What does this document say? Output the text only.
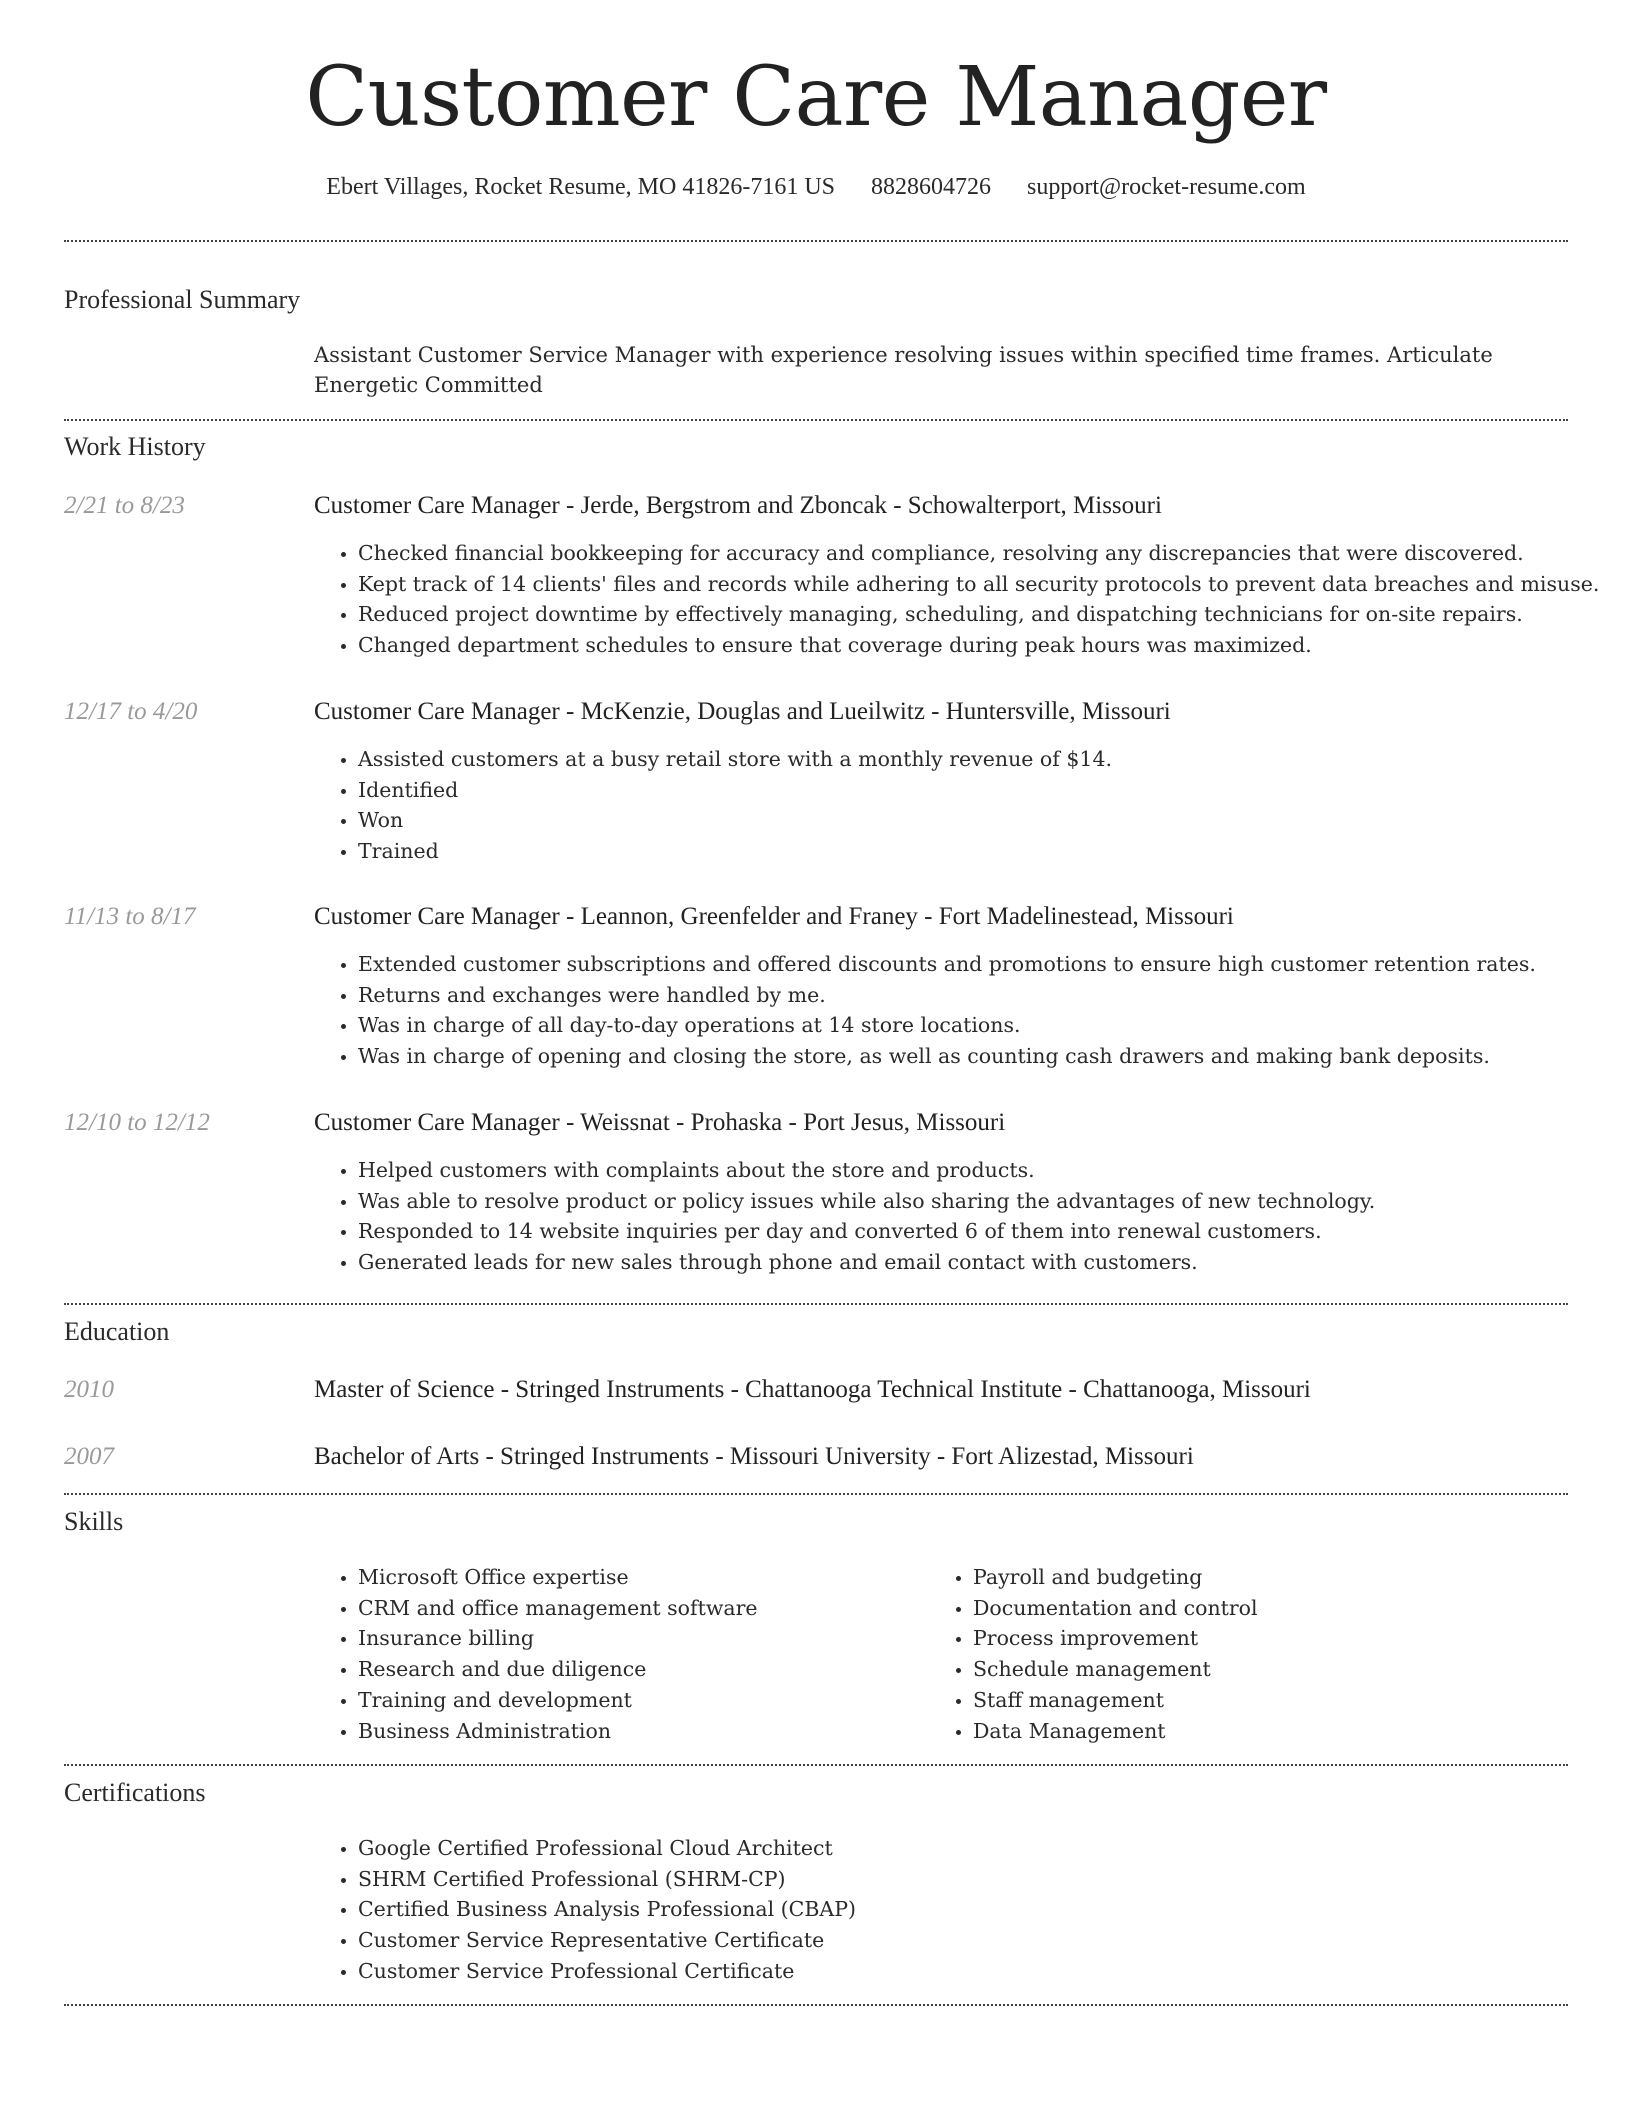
Customer Care Manager
Ebert Villages, Rocket Resume, MO 41826-7161 US 8828604726 support@rocket-resume.com
Professional Summary

Assistant Customer Service Manager with experience resolving issues within specified time frames. Articulate Energetic Committed

Work History
2/21 to 8/23	Customer Care Manager - Jerde, Bergstrom and Zboncak - Schowalterport, Missouri
• Checked financial bookkeeping for accuracy and compliance, resolving any discrepancies that were discovered.
• Kept track of 14 clients' files and records while adhering to all security protocols to prevent data breaches and misuse.
• Reduced project downtime by effectively managing, scheduling, and dispatching technicians for on-site repairs.
• Changed department schedules to ensure that coverage during peak hours was maximized.
12/17 to 4/20	Customer Care Manager - McKenzie, Douglas and Lueilwitz - Huntersville, Missouri
• Assisted customers at a busy retail store with a monthly revenue of $14.
• Identified
• Won
• Trained
11/13 to 8/17	Customer Care Manager - Leannon, Greenfelder and Franey - Fort Madelinestead, Missouri
• Extended customer subscriptions and offered discounts and promotions to ensure high customer retention rates.
• Returns and exchanges were handled by me.
• Was in charge of all day-to-day operations at 14 store locations.
• Was in charge of opening and closing the store, as well as counting cash drawers and making bank deposits.
12/10 to 12/12	Customer Care Manager - Weissnat - Prohaska - Port Jesus, Missouri
• Helped customers with complaints about the store and products.
• Was able to resolve product or policy issues while also sharing the advantages of new technology.
• Responded to 14 website inquiries per day and converted 6 of them into renewal customers.
• Generated leads for new sales through phone and email contact with customers.
Education
2010	Master of Science - Stringed Instruments - Chattanooga Technical Institute - Chattanooga, Missouri
2007	Bachelor of Arts - Stringed Instruments - Missouri University - Fort Alizestad, Missouri
Skills
• Microsoft Office expertise
• CRM and office management software
• Insurance billing
• Research and due diligence
• Training and development
• Business Administration
• Payroll and budgeting
• Documentation and control
• Process improvement
• Schedule management
• Staff management
• Data Management
Certifications
• Google Certified Professional Cloud Architect
• SHRM Certified Professional (SHRM-CP)
• Certified Business Analysis Professional (CBAP)
• Customer Service Representative Certificate
• Customer Service Professional Certificate
